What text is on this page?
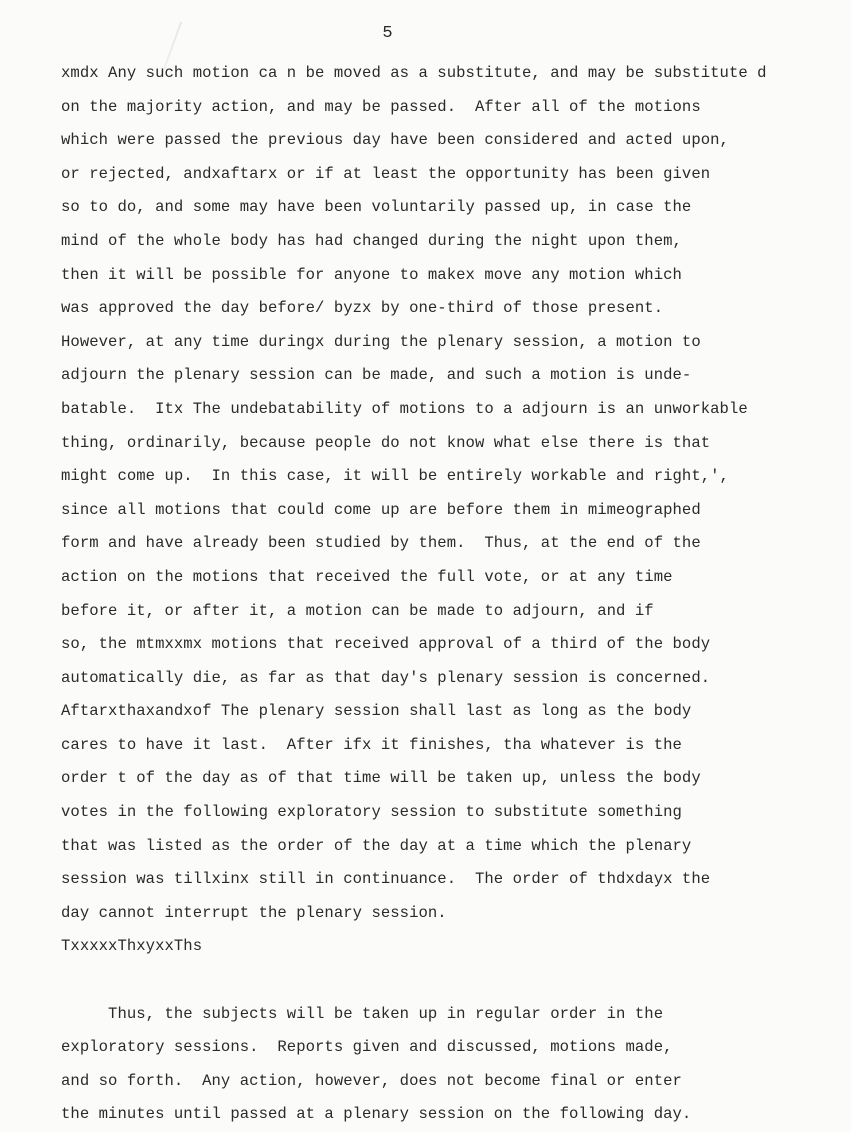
5
xmdx Any such motion ca n be moved as a substitute, and may be substitute d
on the majority action, and may be passed.  After all of the motions
which were passed the previous day have been considered and acted upon,
or rejected, andxaftarx or if at least the opportunity has been given
so to do, and some may have been voluntarily passed up, in case the
mind of the whole body has had changed during the night upon them,
then it will be possible for anyone to makex move any motion which
was approved the day before/ byzx by one-third of those present.
However, at any time duringx during the plenary session, a motion to
adjourn the plenary session can be made, and such a motion is unde-
batable.  Itx The undebatability of motions to a adjourn is an unworkable
thing, ordinarily, because people do not know what else there is that
might come up.  In this case, it will be entirely workable and right,',
since all motions that could come up are before them in mimeographed
form and have already been studied by them.  Thus, at the end of the
action on the motions that received the full vote, or at any time
before it, or after it, a motion can be made to adjourn, and if
so, the mtmxxmx motions that received approval of a third of the body
automatically die, as far as that day's plenary session is concerned.
Aftarxthaxandxof The plenary session shall last as long as the body
cares to have it last.  After ifx it finishes, tha whatever is the
order t of the day as of that time will be taken up, unless the body
votes in the following exploratory session to substitute something
that was listed as the order of the day at a time which the plenary
session was tillxinx still in continuance.  The order of thdxdayx the
day cannot interrupt the plenary session.
TxxxxxThxyxxThs
Thus, the subjects will be taken up in regular order in the
exploratory sessions.  Reports given and discussed, motions made,
and so forth.  Any action, however, does not become final or enter
the minutes until passed at a plenary session on the following day.
